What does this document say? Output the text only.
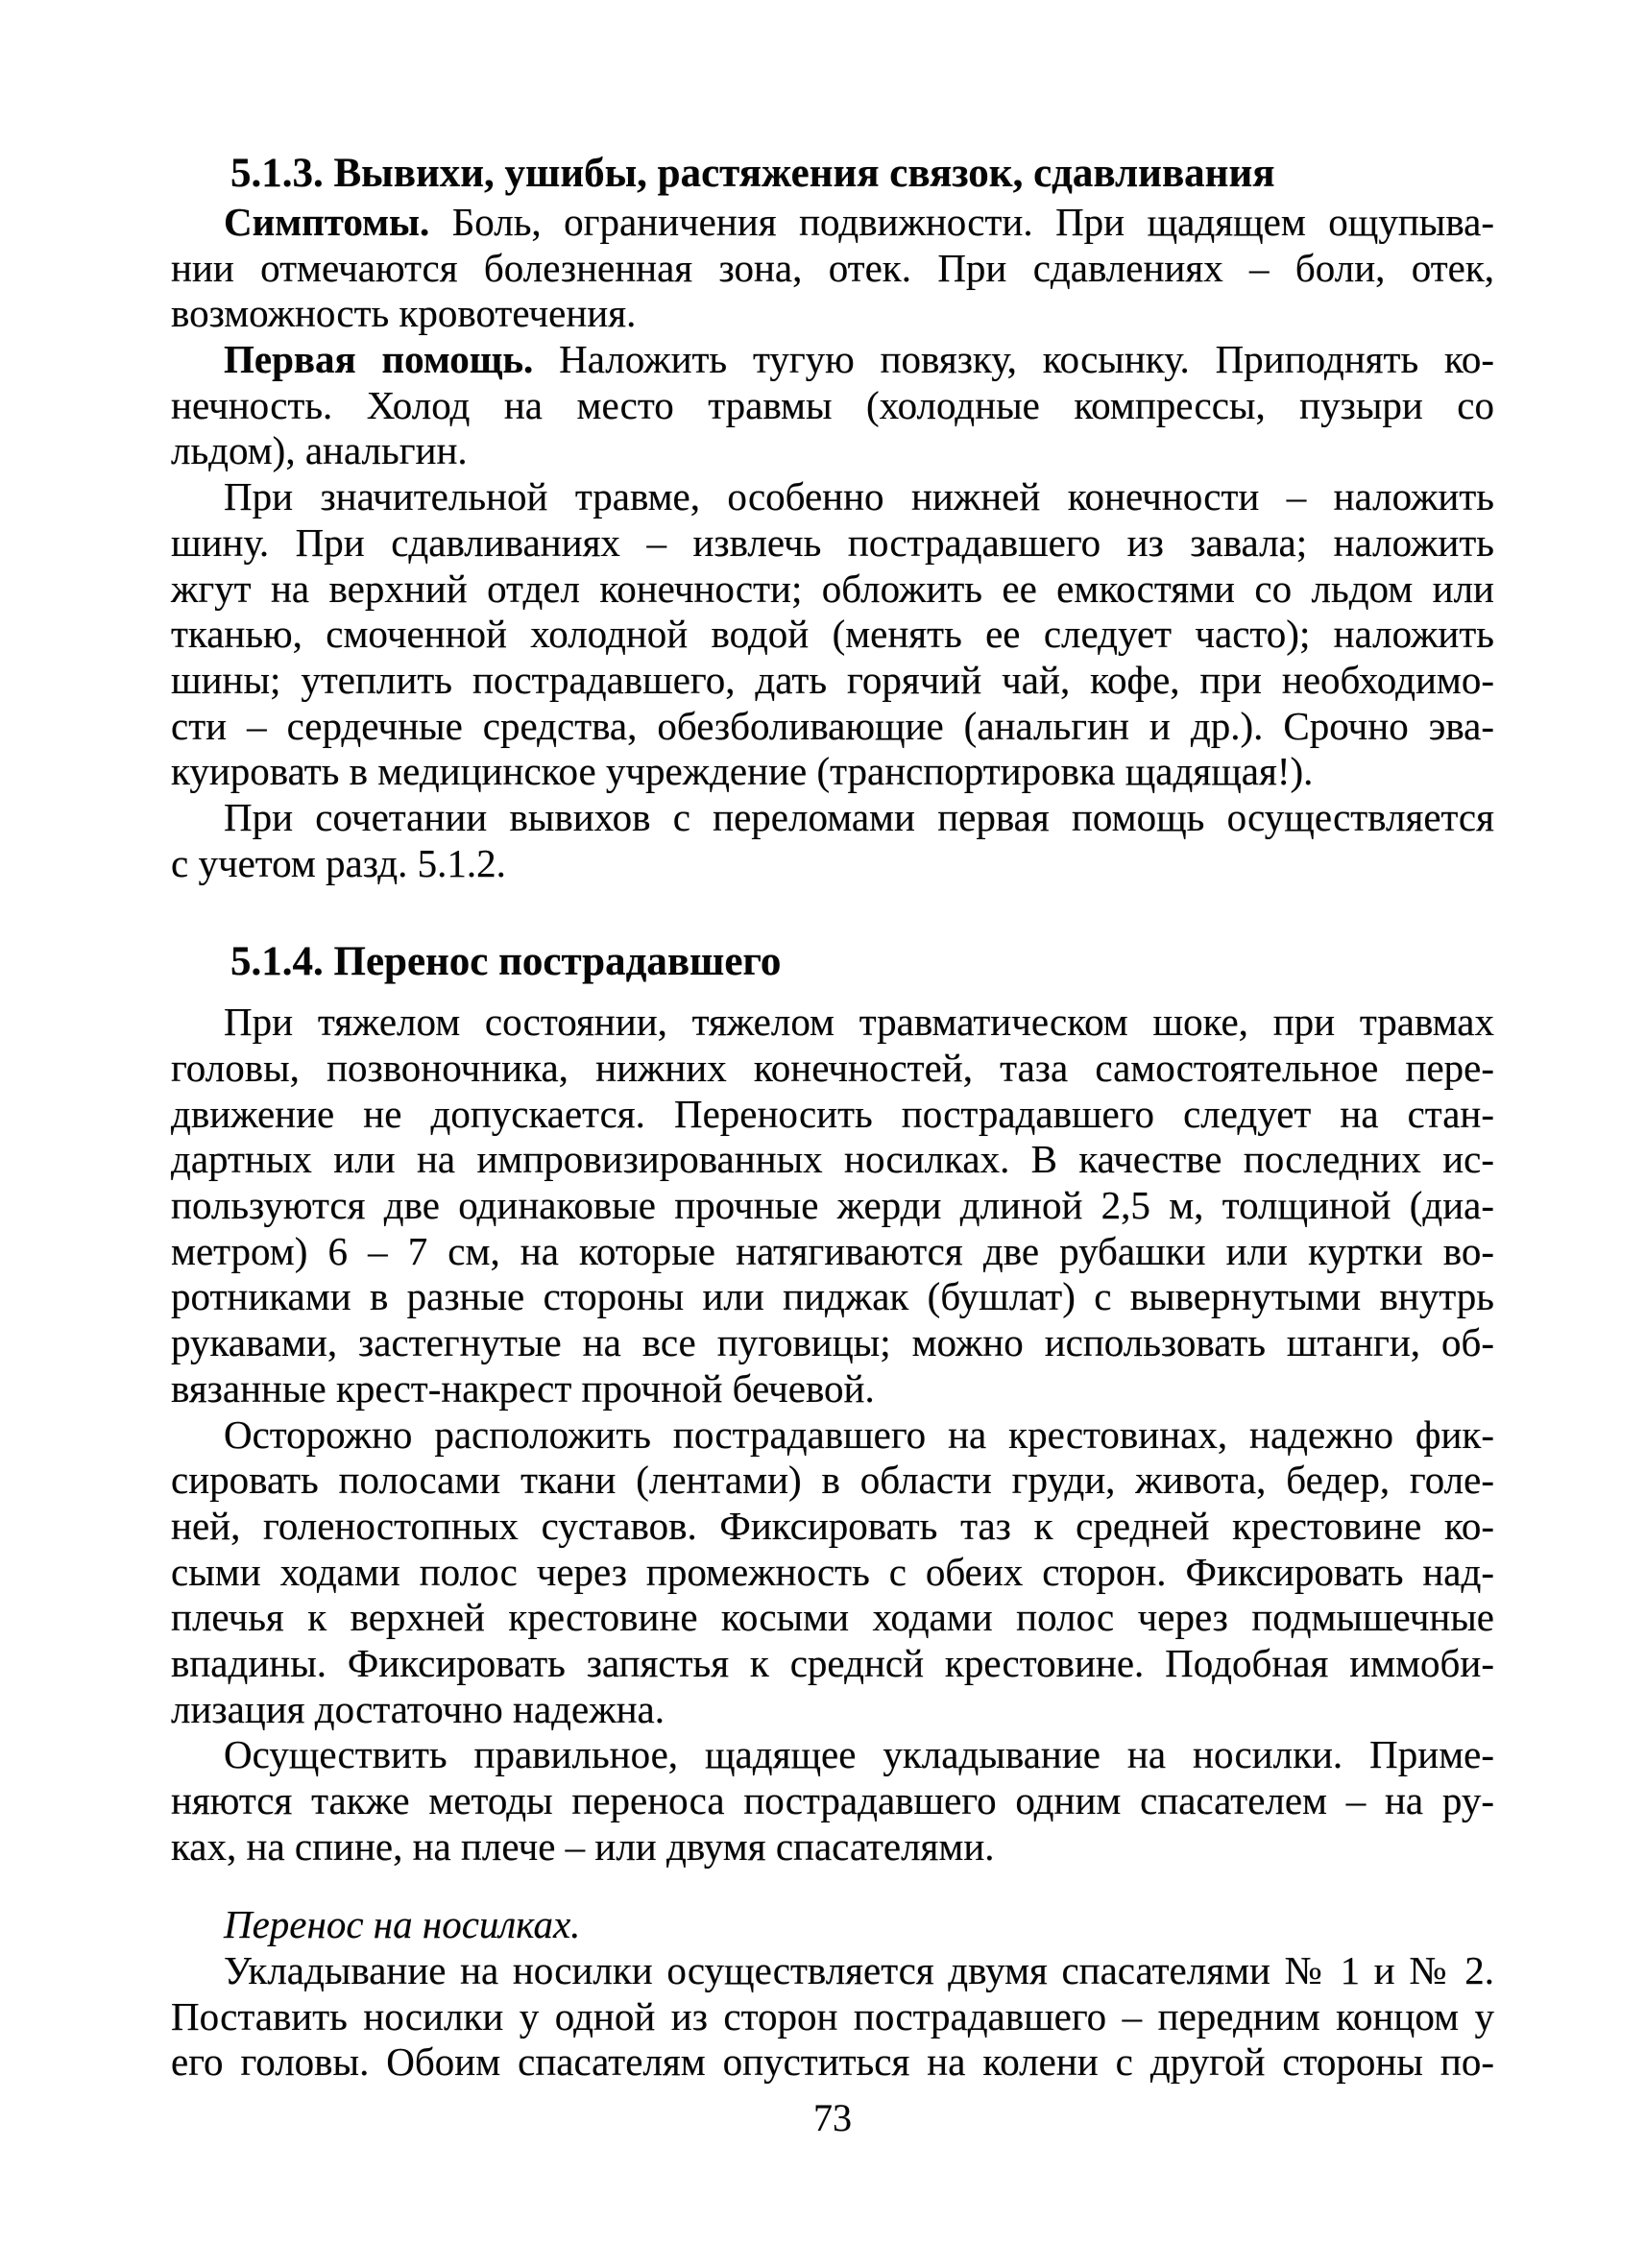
5.1.3. Вывихи, ушибы, растяжения связок, сдавливания
Симптомы. Боль, ограничения подвижности. При щадящем ощупыва-
нии отмечаются болезненная зона, отек. При сдавлениях – боли, отек,
возможность кровотечения.
Первая помощь. Наложить тугую повязку, косынку. Приподнять ко-
нечность. Холод на место травмы (холодные компрессы, пузыри со
льдом), анальгин.
При значительной травме, особенно нижней конечности – наложить
шину. При сдавливаниях – извлечь пострадавшего из завала; наложить
жгут на верхний отдел конечности; обложить ее емкостями со льдом или
тканью, смоченной холодной водой (менять ее следует часто); наложить
шины; утеплить пострадавшего, дать горячий чай, кофе, при необходимо-
сти – сердечные средства, обезболивающие (анальгин и др.). Срочно эва-
куировать в медицинское учреждение (транспортировка щадящая!).
При сочетании вывихов с переломами первая помощь осуществляется
с учетом разд. 5.1.2.
5.1.4. Перенос пострадавшего
При тяжелом состоянии, тяжелом травматическом шоке, при травмах
головы, позвоночника, нижних конечностей, таза самостоятельное пере-
движение не допускается. Переносить пострадавшего следует на стан-
дартных или на импровизированных носилках. В качестве последних ис-
пользуются две одинаковые прочные жерди длиной 2,5 м, толщиной (диа-
метром) 6 – 7 см, на которые натягиваются две рубашки или куртки во-
ротниками в разные стороны или пиджак (бушлат) с вывернутыми внутрь
рукавами, застегнутые на все пуговицы; можно использовать штанги, об-
вязанные крест-накрест прочной бечевой.
Осторожно расположить пострадавшего на крестовинах, надежно фик-
сировать полосами ткани (лентами) в области груди, живота, бедер, голе-
ней, голеностопных суставов. Фиксировать таз к средней крестовине ко-
сыми ходами полос через промежность с обеих сторон. Фиксировать над-
плечья к верхней крестовине косыми ходами полос через подмышечные
впадины. Фиксировать запястья к среднсй крестовине. Подобная иммоби-
лизация достаточно надежна.
Осуществить правильное, щадящее укладывание на носилки. Приме-
няются также методы переноса пострадавшего одним спасателем – на ру-
ках, на спине, на плече – или двумя спасателями.
Перенос на носилках.
Укладывание на носилки осуществляется двумя спасателями № 1 и № 2.
Поставить носилки у одной из сторон пострадавшего – передним концом у
его головы. Обоим спасателям опуститься на колени с другой стороны по-
73
